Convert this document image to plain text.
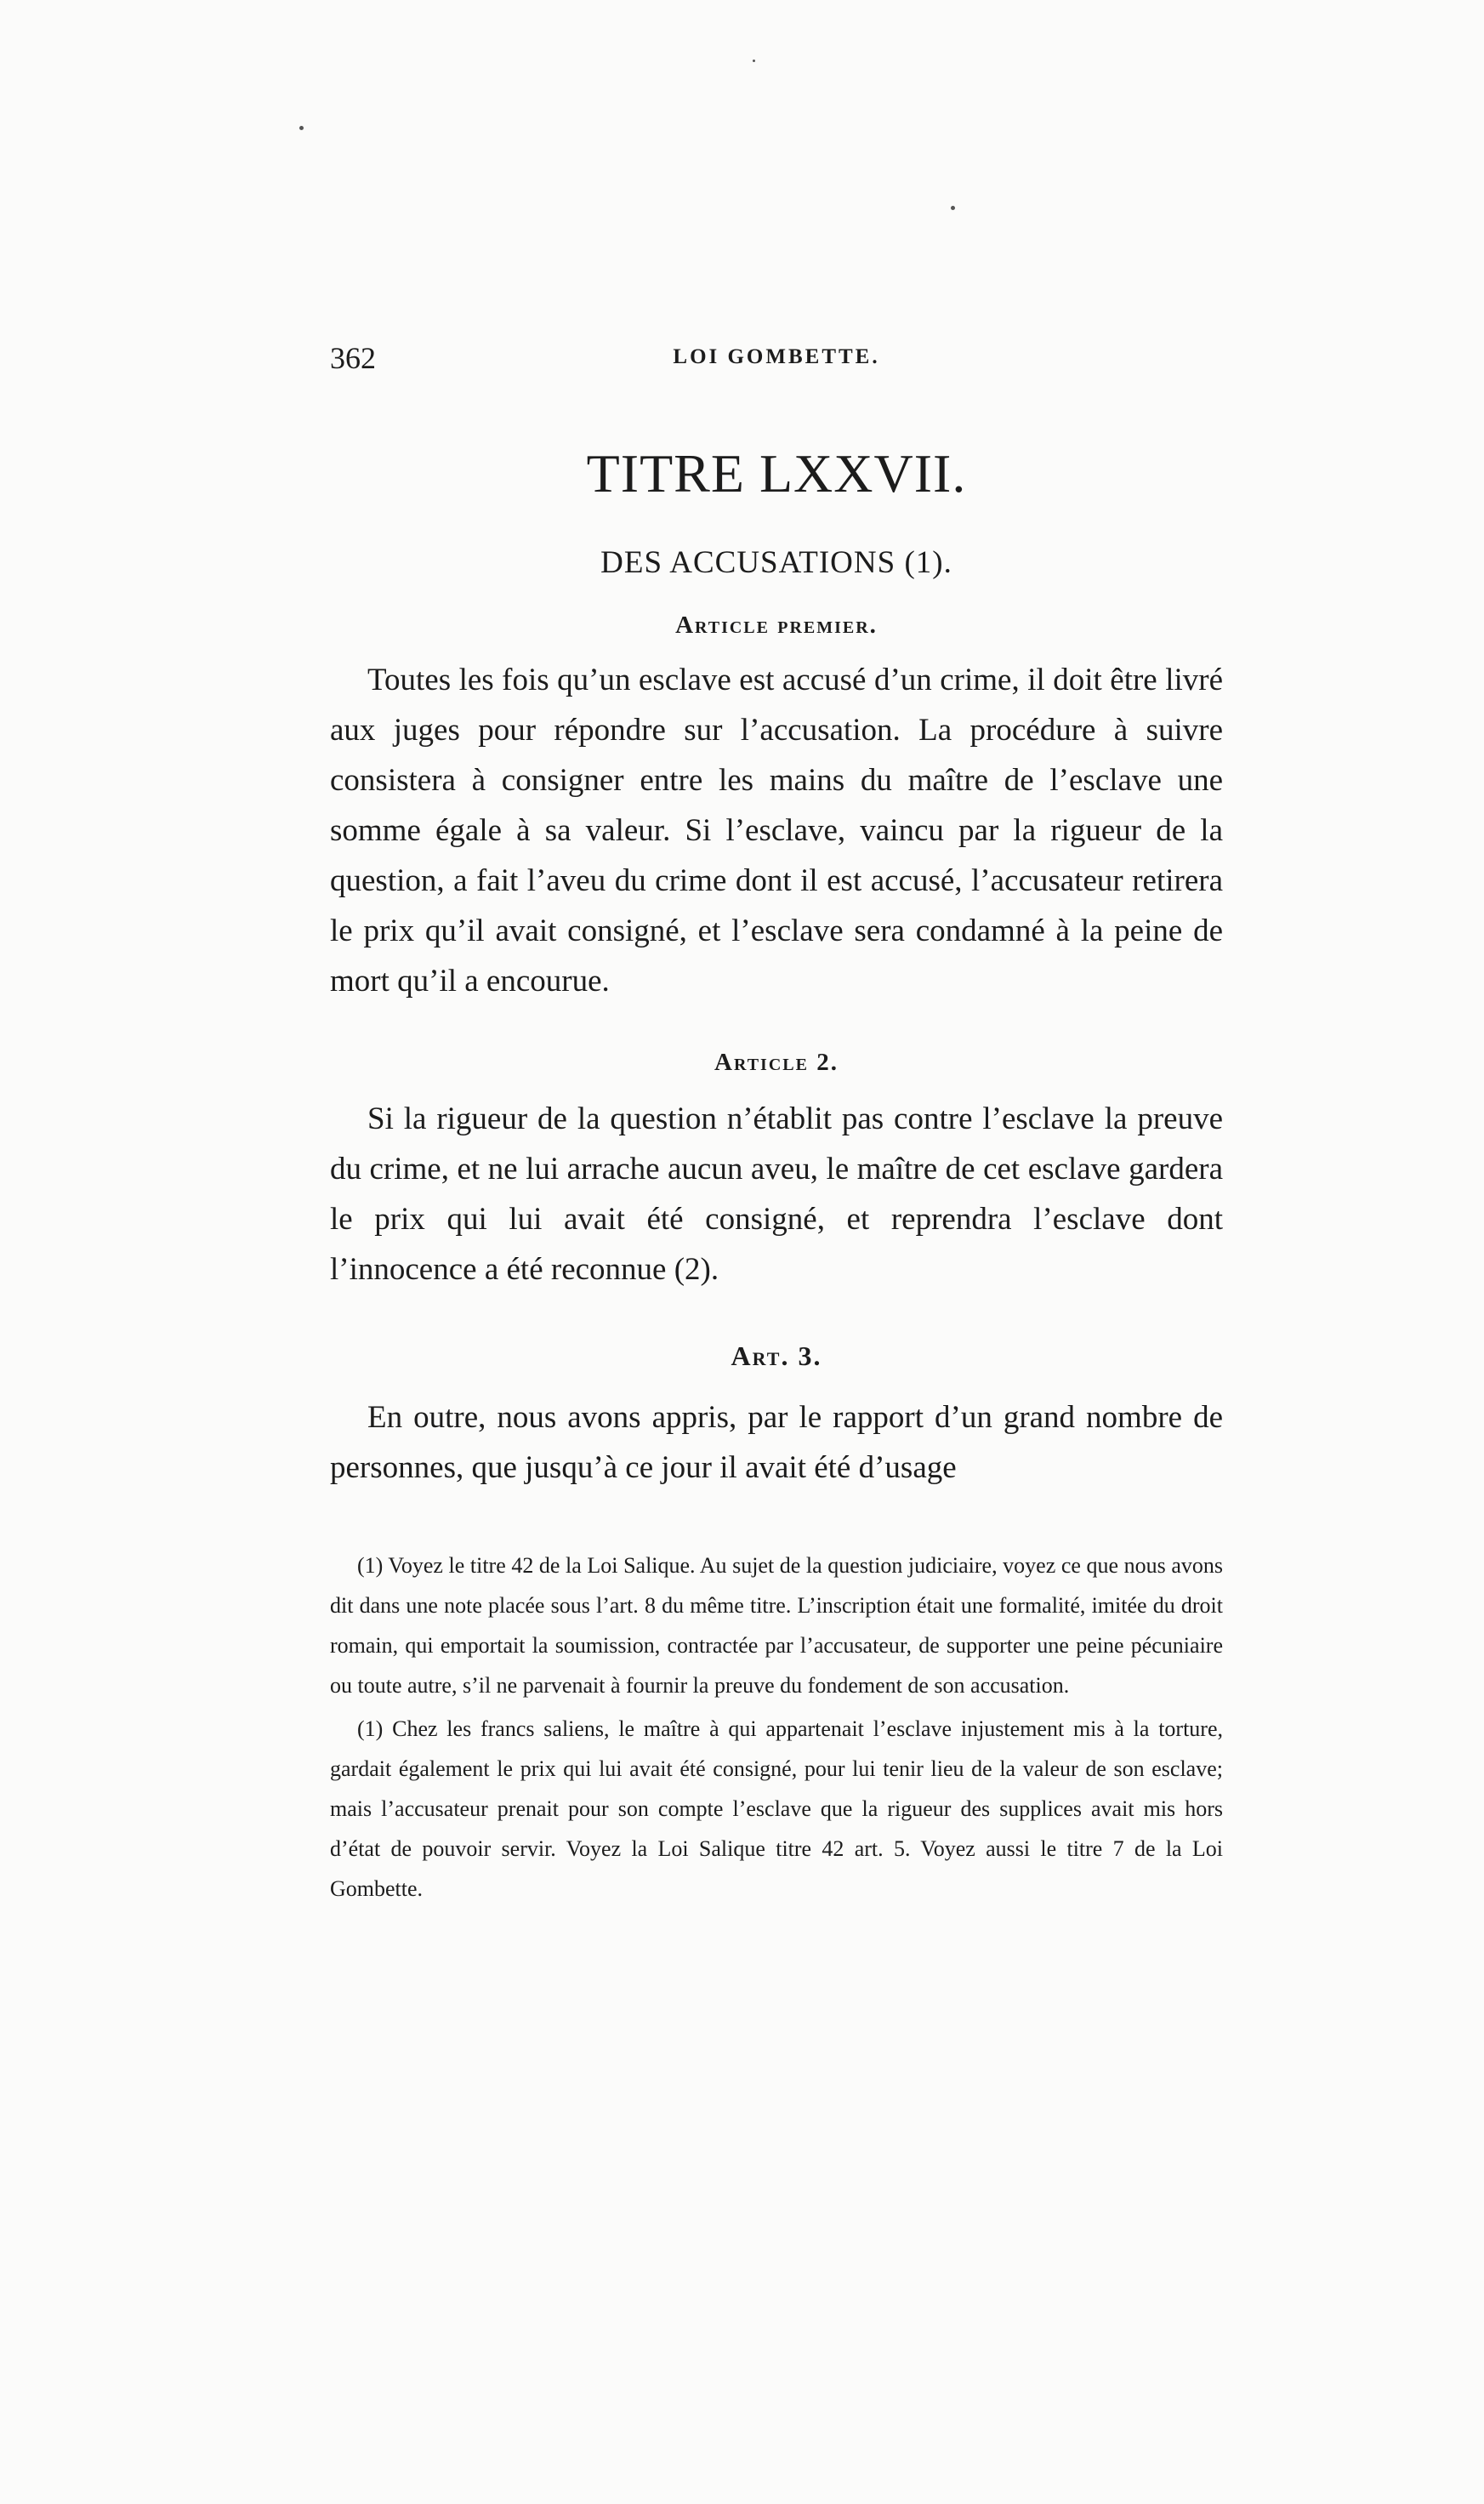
362	LOI GOMBETTE.
TITRE LXXVII.
DES ACCUSATIONS (1).
Article premier.

Toutes les fois qu’un esclave est accusé d’un crime, il doit être livré aux juges pour répondre sur l’accusation. La procédure à suivre consistera à consigner entre les mains du maître de l’esclave une somme égale à sa valeur. Si l’esclave, vaincu par la rigueur de la question, a fait l’aveu du crime dont il est accusé, l’accusateur retirera le prix qu’il avait consigné, et l’esclave sera condamné à la peine de mort qu’il a encourue.

Article 2.

Si la rigueur de la question n’établit pas contre l’esclave la preuve du crime, et ne lui arrache aucun aveu, le maître de cet esclave gardera le prix qui lui avait été consigné, et reprendra l’esclave dont l’innocence a été reconnue (2).

Art. 3.

En outre, nous avons appris, par le rapport d’un grand nombre de personnes, que jusqu’à ce jour il avait été d’usage

(1) Voyez le titre 42 de la Loi Salique. Au sujet de la question judiciaire, voyez ce que nous avons dit dans une note placée sous l’art. 8 du même titre. L’inscription était une formalité, imitée du droit romain, qui emportait la soumission, contractée par l’accusateur, de supporter une peine pécuniaire ou toute autre, s’il ne parvenait à fournir la preuve du fondement de son accusation.

(1) Chez les francs saliens, le maître à qui appartenait l’esclave injustement mis à la torture, gardait également le prix qui lui avait été consigné, pour lui tenir lieu de la valeur de son esclave; mais l’accusateur prenait pour son compte l’esclave que la rigueur des supplices avait mis hors d’état de pouvoir servir. Voyez la Loi Salique titre 42 art. 5. Voyez aussi le titre 7 de la Loi Gombette.
